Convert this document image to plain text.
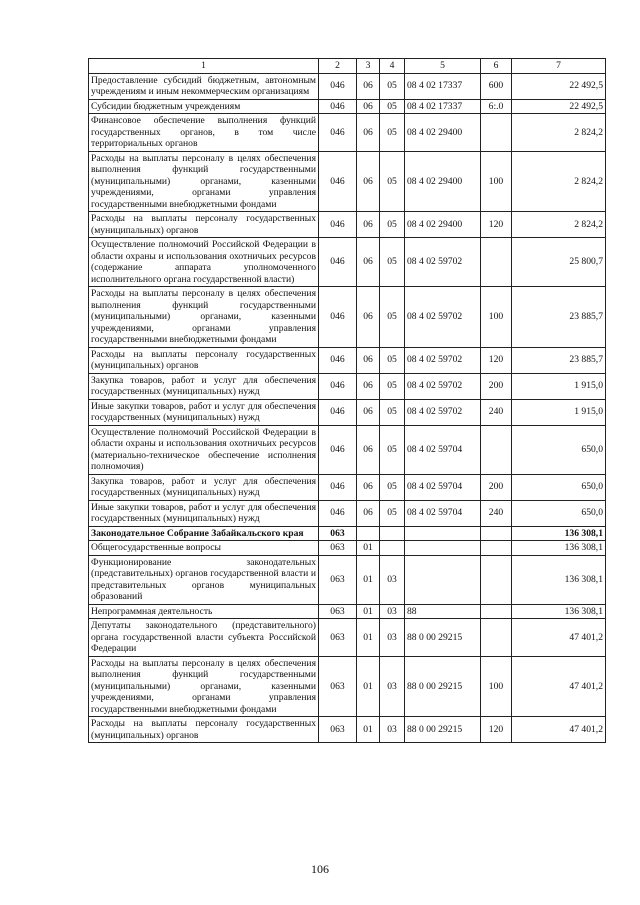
1	2	3	4	5	6	7
Предоставление субсидий бюджетным, автономным учреждениям и иным некоммерческим организациям	046	06	05	08 4 02 17337	600	22 492,5
Субсидии бюджетным учреждениям	046	06	05	08 4 02 17337	6:.0	22 492,5
Финансовое обеспечение выполнения функций государственных органов, в том числе территориальных органов	046	06	05	08 4 02 29400		2 824,2
Расходы на выплаты персоналу в целях обеспечения выполнения функций государственными (муниципальными) органами, казенными учреждениями, органами управления государственными внебюджетными фондами	046	06	05	08 4 02 29400	100	2 824,2
Расходы на выплаты персоналу государственных (муниципальных) органов	046	06	05	08 4 02 29400	120	2 824,2
Осуществление полномочий Российской Федерации в области охраны и использования охотничьих ресурсов (содержание аппарата уполномоченного исполнительного органа государственной власти)	046	06	05	08 4 02 59702		25 800,7
Расходы на выплаты персоналу в целях обеспечения выполнения функций государственными (муниципальными) органами, казенными учреждениями, органами управления государственными внебюджетными фондами	046	06	05	08 4 02 59702	100	23 885,7
Расходы на выплаты персоналу государственных (муниципальных) органов	046	06	05	08 4 02 59702	120	23 885,7
Закупка товаров, работ и услуг для обеспечения государственных (муниципальных) нужд	046	06	05	08 4 02 59702	200	1 915,0
Иные закупки товаров, работ и услуг для обеспечения государственных (муниципальных) нужд	046	06	05	08 4 02 59702	240	1 915,0
Осуществление полномочий Российской Федерации в области охраны и использования охотничьих ресурсов (материально-техническое обеспечение исполнения полномочия)	046	06	05	08 4 02 59704		650,0
Закупка товаров, работ и услуг для обеспечения государственных (муниципальных) нужд	046	06	05	08 4 02 59704	200	650,0
Иные закупки товаров, работ и услуг для обеспечения государственных (муниципальных) нужд	046	06	05	08 4 02 59704	240	650,0
Законодательное Собрание Забайкальского края	063					136 308,1
Общегосударственные вопросы	063	01				136 308,1
Функционирование законодательных (представительных) органов государственной власти и представительных органов муниципальных образований	063	01	03			136 308,1
Непрограммная деятельность	063	01	03	88		136 308,1
Депутаты законодательного (представительного) органа государственной власти субъекта Российской Федерации	063	01	03	88 0 00 29215		47 401,2
Расходы на выплаты персоналу в целях обеспечения выполнения функций государственными (муниципальными) органами, казенными учреждениями, органами управления государственными внебюджетными фондами	063	01	03	88 0 00 29215	100	47 401,2
Расходы на выплаты персоналу государственных (муниципальных) органов	063	01	03	88 0 00 29215	120	47 401,2
106
